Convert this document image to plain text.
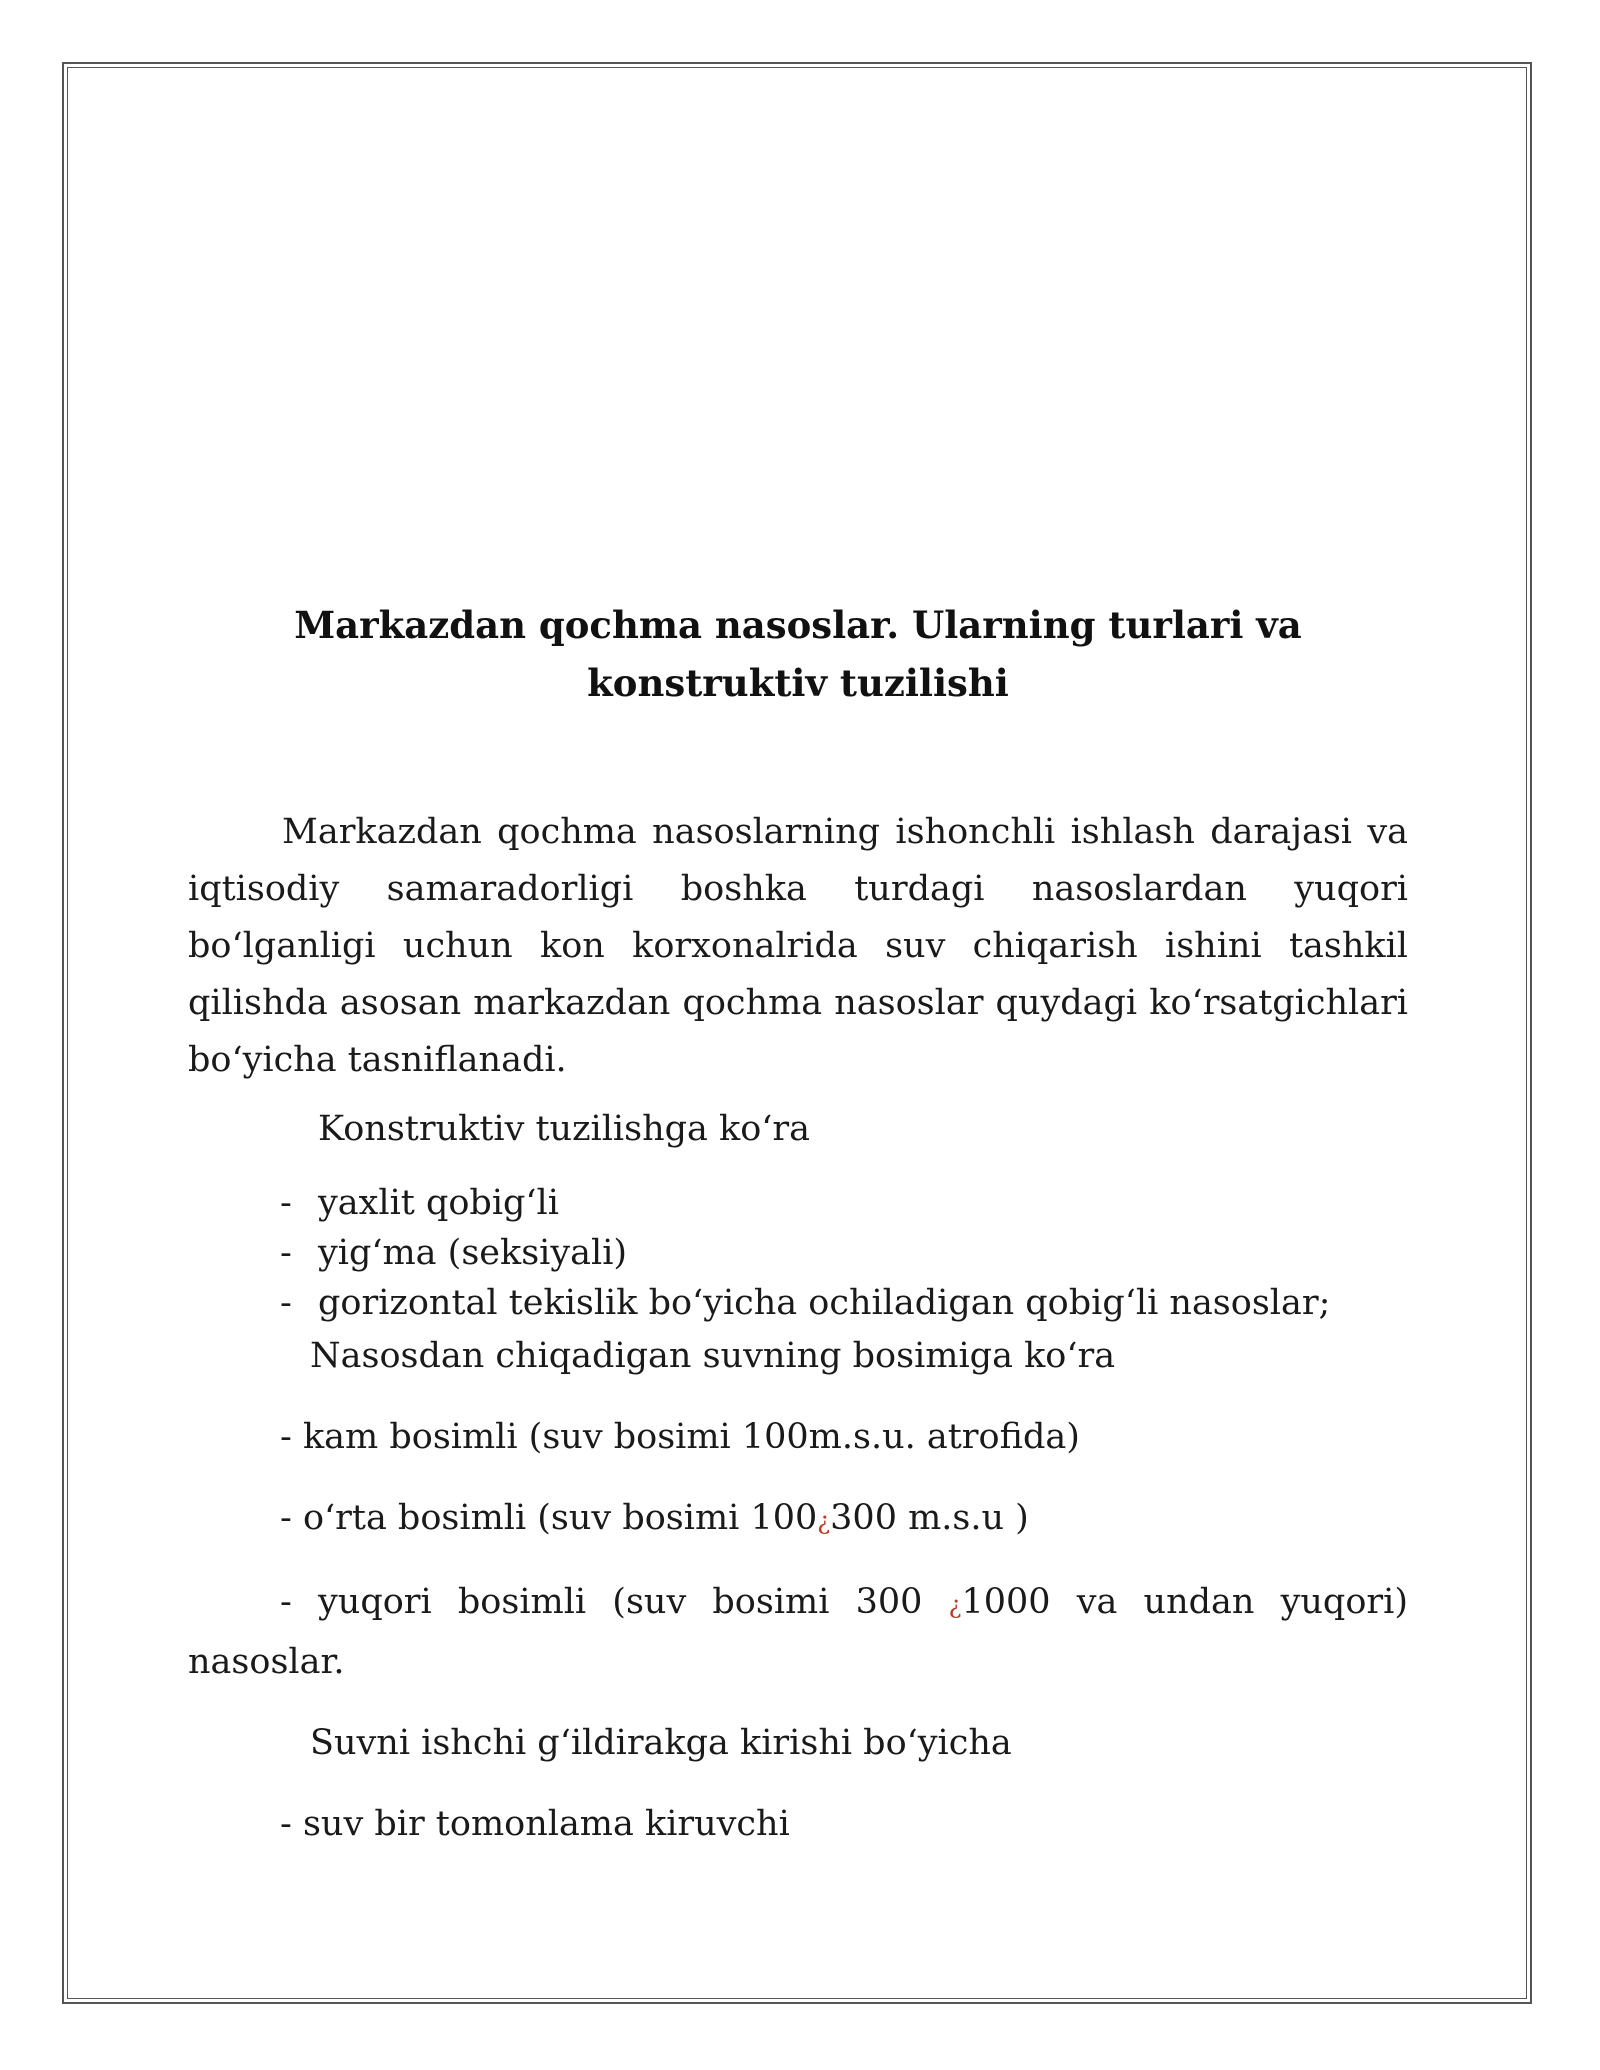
Markazdan qochma nasoslar. Ularning turlari va konstruktiv tuzilishi

Markazdan qochma nasoslarning ishonchli ishlash darajasi va iqtisodiy samaradorligi boshka turdagi nasoslardan yuqori bo‘lganligi uchun kon korxonalrida suv chiqarish ishini tashkil qilishda asosan markazdan qochma nasoslar quydagi ko‘rsatgichlari bo‘yicha tasniflanadi.

Konstruktiv tuzilishga ko‘ra

- yaxlit qobig‘li
- yig‘ma (seksiyali)
- gorizontal tekislik bo‘yicha ochiladigan qobig‘li nasoslar;

Nasosdan chiqadigan suvning bosimiga ko‘ra

- kam bosimli (suv bosimi 100m.s.u. atrofida)

- o‘rta bosimli (suv bosimi 100¿300 m.s.u )

- yuqori bosimli (suv bosimi 300 ¿1000 va undan yuqori) nasoslar.

Suvni ishchi g‘ildirakga kirishi bo‘yicha

- suv bir tomonlama kiruvchi
